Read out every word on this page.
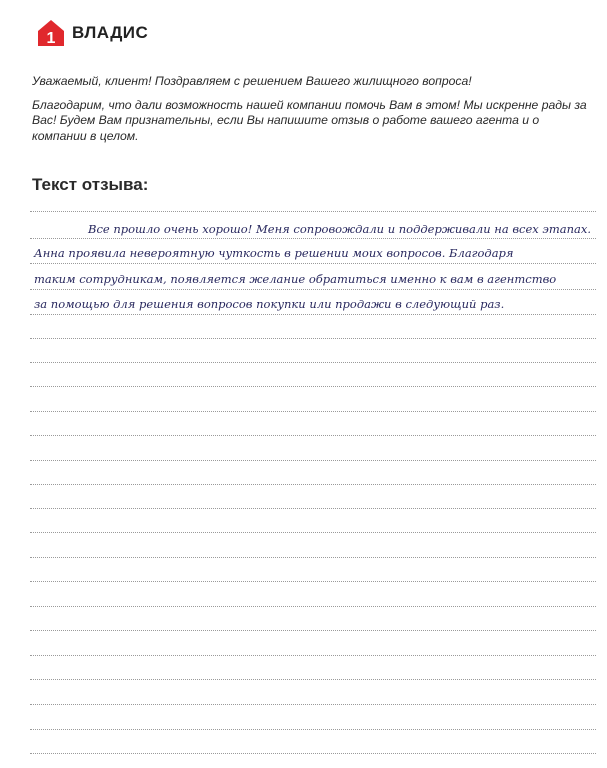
1 ВЛАДИС

Уважаемый, клиент! Поздравляем с решением Вашего жилищного вопроса!

Благодарим, что дали возможность нашей компании помочь Вам в этом! Мы искренне рады за Вас! Будем Вам признательны, если Вы напишите отзыв о работе вашего агента и о компании в целом.

Текст отзыва:
Все прошло очень хорошо! Меня сопровождали и поддерживали на всех этапах.
Анна проявила невероятную чуткость в решении моих вопросов. Благодаря
таким сотрудникам, появляется желание обратиться именно к вам в агентство
за помощью для решения вопросов покупки или продажи в следующий раз.
